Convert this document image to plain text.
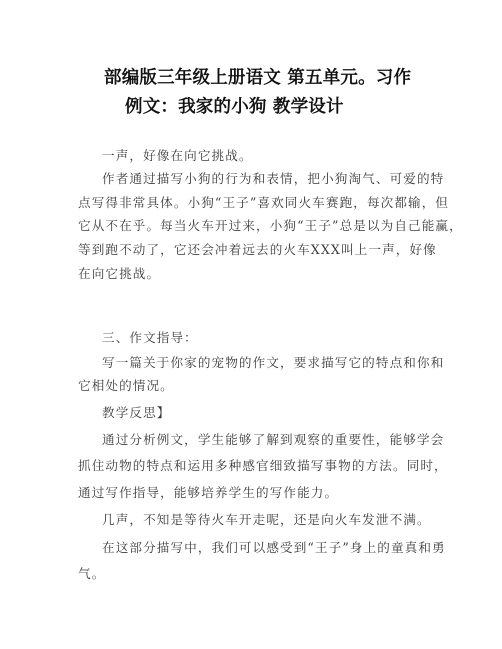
部编版三年级上册语文 第五单元。习作
例文：我家的小狗 教学设计
一声，好像在向它挑战。
作者通过描写小狗的行为和表情，把小狗淘气、可爱的特
点写得非常具体。小狗“王子”喜欢同火车赛跑，每次都输，但
它从不在乎。每当火车开过来，小狗“王子”总是以为自己能赢，
等到跑不动了，它还会冲着远去的火车XXX叫上一声，好像
在向它挑战。
三、作文指导：
写一篇关于你家的宠物的作文，要求描写它的特点和你和
它相处的情况。
教学反思】
通过分析例文，学生能够了解到观察的重要性，能够学会
抓住动物的特点和运用多种感官细致描写事物的方法。同时，
通过写作指导，能够培养学生的写作能力。
几声，不知是等待火车开走呢，还是向火车发泄不满。
在这部分描写中，我们可以感受到“王子”身上的童真和勇
气。
